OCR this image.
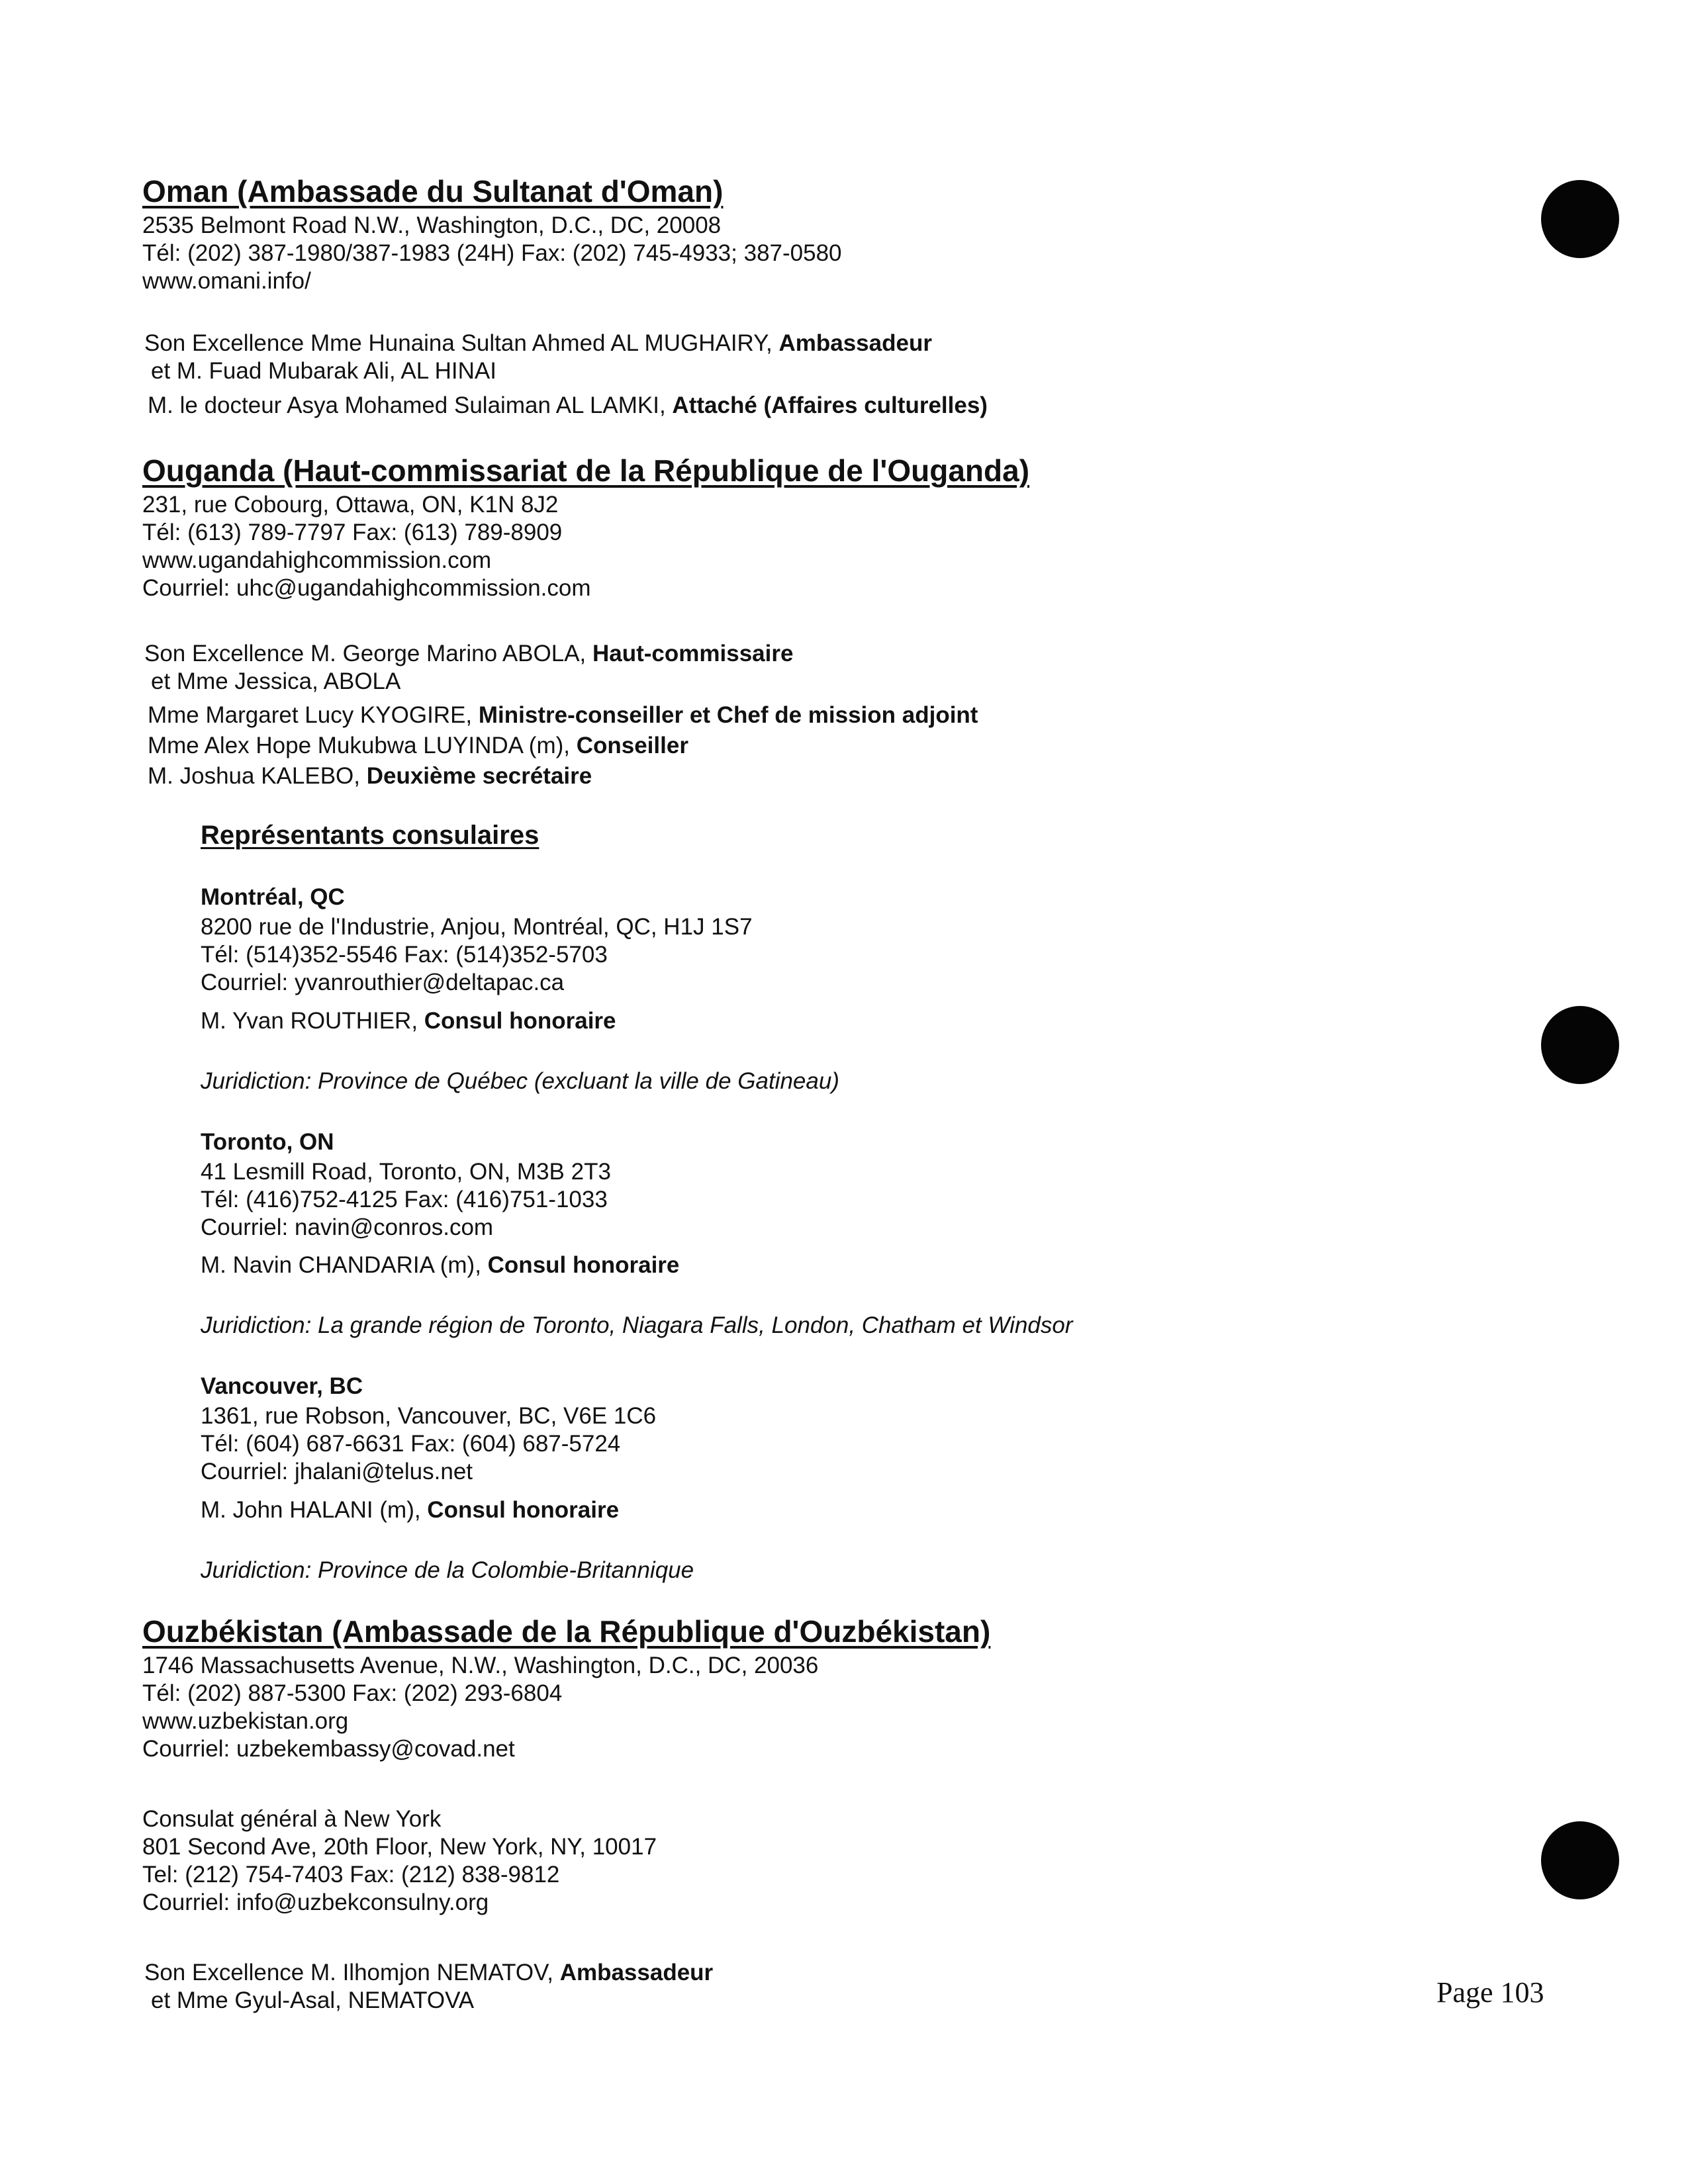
Oman (Ambassade du Sultanat d'Oman)
2535 Belmont Road N.W., Washington, D.C., DC, 20008
Tél: (202) 387-1980/387-1983 (24H) Fax: (202) 745-4933; 387-0580
www.omani.info/
Son Excellence Mme Hunaina Sultan Ahmed AL MUGHAIRY, Ambassadeur
et M. Fuad Mubarak Ali, AL HINAI
M. le docteur Asya Mohamed Sulaiman AL LAMKI, Attaché (Affaires culturelles)
Ouganda (Haut-commissariat de la République de l'Ouganda)
231, rue Cobourg, Ottawa, ON, K1N 8J2
Tél: (613) 789-7797 Fax: (613) 789-8909
www.ugandahighcommission.com
Courriel: uhc@ugandahighcommission.com
Son Excellence M. George Marino ABOLA, Haut-commissaire
et Mme Jessica, ABOLA
Mme Margaret Lucy KYOGIRE, Ministre-conseiller et Chef de mission adjoint
Mme Alex Hope Mukubwa LUYINDA (m), Conseiller
M. Joshua KALEBO, Deuxième secrétaire
Représentants consulaires
Montréal, QC
8200 rue de l'Industrie, Anjou, Montréal, QC, H1J 1S7
Tél: (514)352-5546 Fax: (514)352-5703
Courriel: yvanrouthier@deltapac.ca
M. Yvan ROUTHIER, Consul honoraire
Juridiction: Province de Québec (excluant la ville de Gatineau)
Toronto, ON
41 Lesmill Road, Toronto, ON, M3B 2T3
Tél: (416)752-4125 Fax: (416)751-1033
Courriel: navin@conros.com
M. Navin CHANDARIA (m), Consul honoraire
Juridiction: La grande région de Toronto, Niagara Falls, London, Chatham et Windsor
Vancouver, BC
1361, rue Robson, Vancouver, BC, V6E 1C6
Tél: (604) 687-6631 Fax: (604) 687-5724
Courriel: jhalani@telus.net
M. John HALANI (m), Consul honoraire
Juridiction: Province de la Colombie-Britannique
Ouzbékistan (Ambassade de la République d'Ouzbékistan)
1746 Massachusetts Avenue, N.W., Washington, D.C., DC, 20036
Tél: (202) 887-5300 Fax: (202) 293-6804
www.uzbekistan.org
Courriel: uzbekembassy@covad.net
Consulat général à New York
801 Second Ave, 20th Floor, New York, NY, 10017
Tel: (212) 754-7403 Fax: (212) 838-9812
Courriel: info@uzbekconsulny.org
Son Excellence M. Ilhomjon NEMATOV, Ambassadeur
et Mme Gyul-Asal, NEMATOVA	Page 103
